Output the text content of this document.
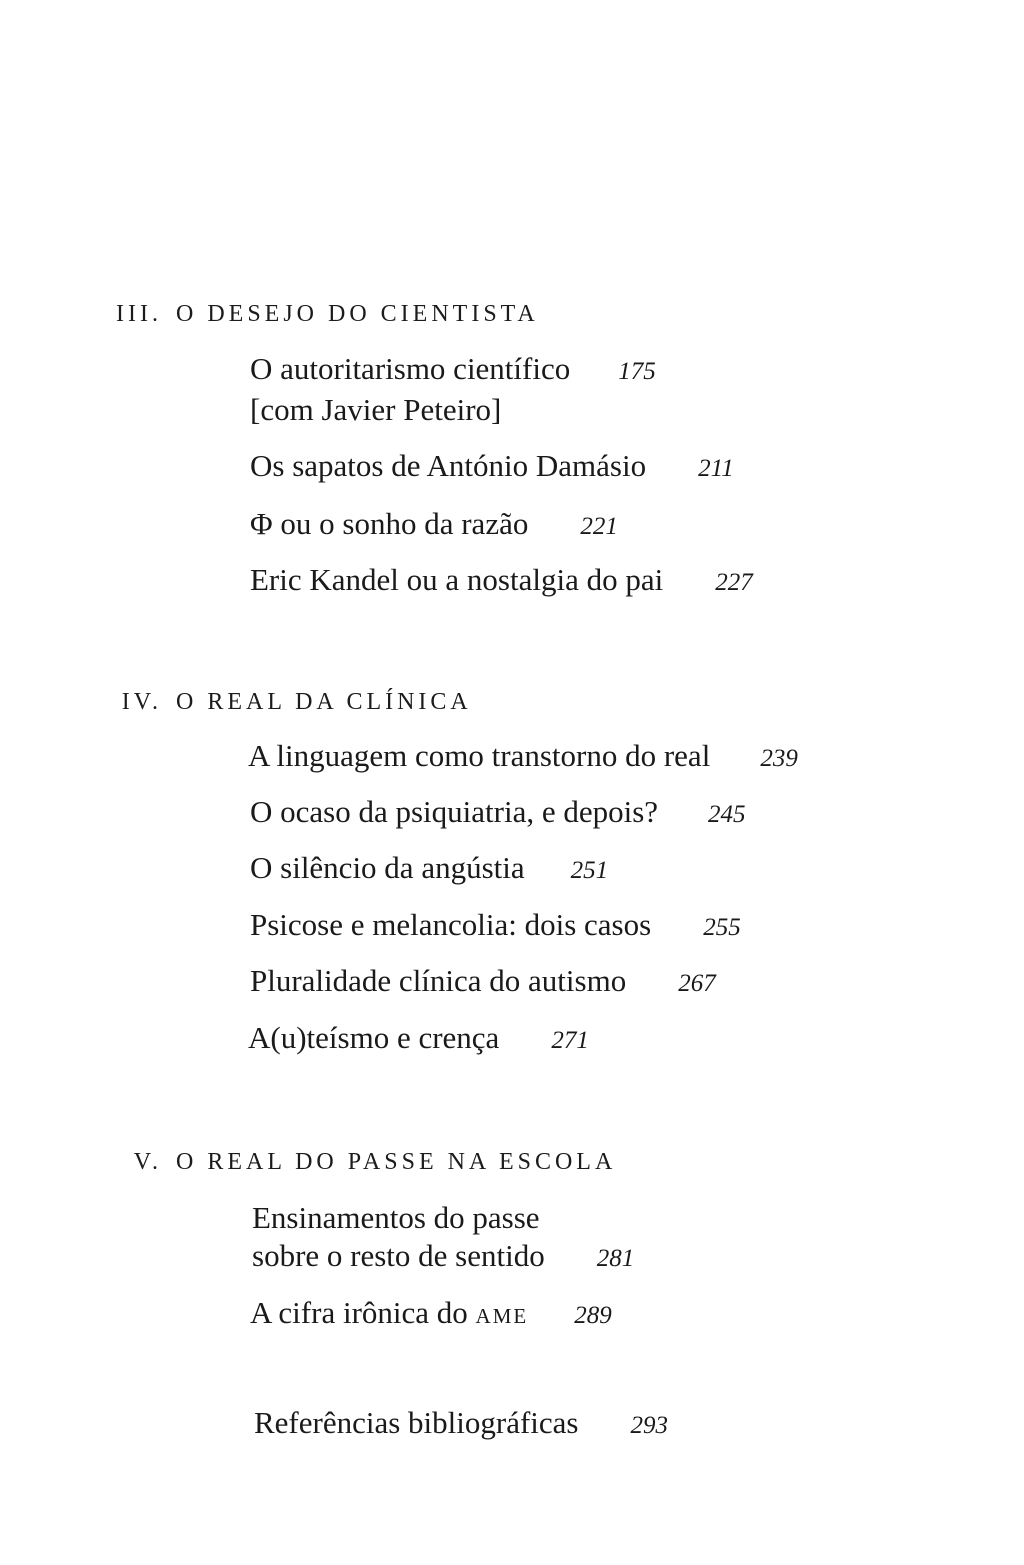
III. O DESEJO DO CIENTISTA
O autoritarismo científico 175
[com Javier Peteiro]
Os sapatos de António Damásio 211
Φ ou o sonho da razão 221
Eric Kandel ou a nostalgia do pai 227
IV. O REAL DA CLÍNICA
A linguagem como transtorno do real 239
O ocaso da psiquiatria, e depois? 245
O silêncio da angústia 251
Psicose e melancolia: dois casos 255
Pluralidade clínica do autismo 267
A(u)teísmo e crença 271
V. O REAL DO PASSE NA ESCOLA
Ensinamentos do passe
sobre o resto de sentido 281
A cifra irônica do AME 289
Referências bibliográficas 293
